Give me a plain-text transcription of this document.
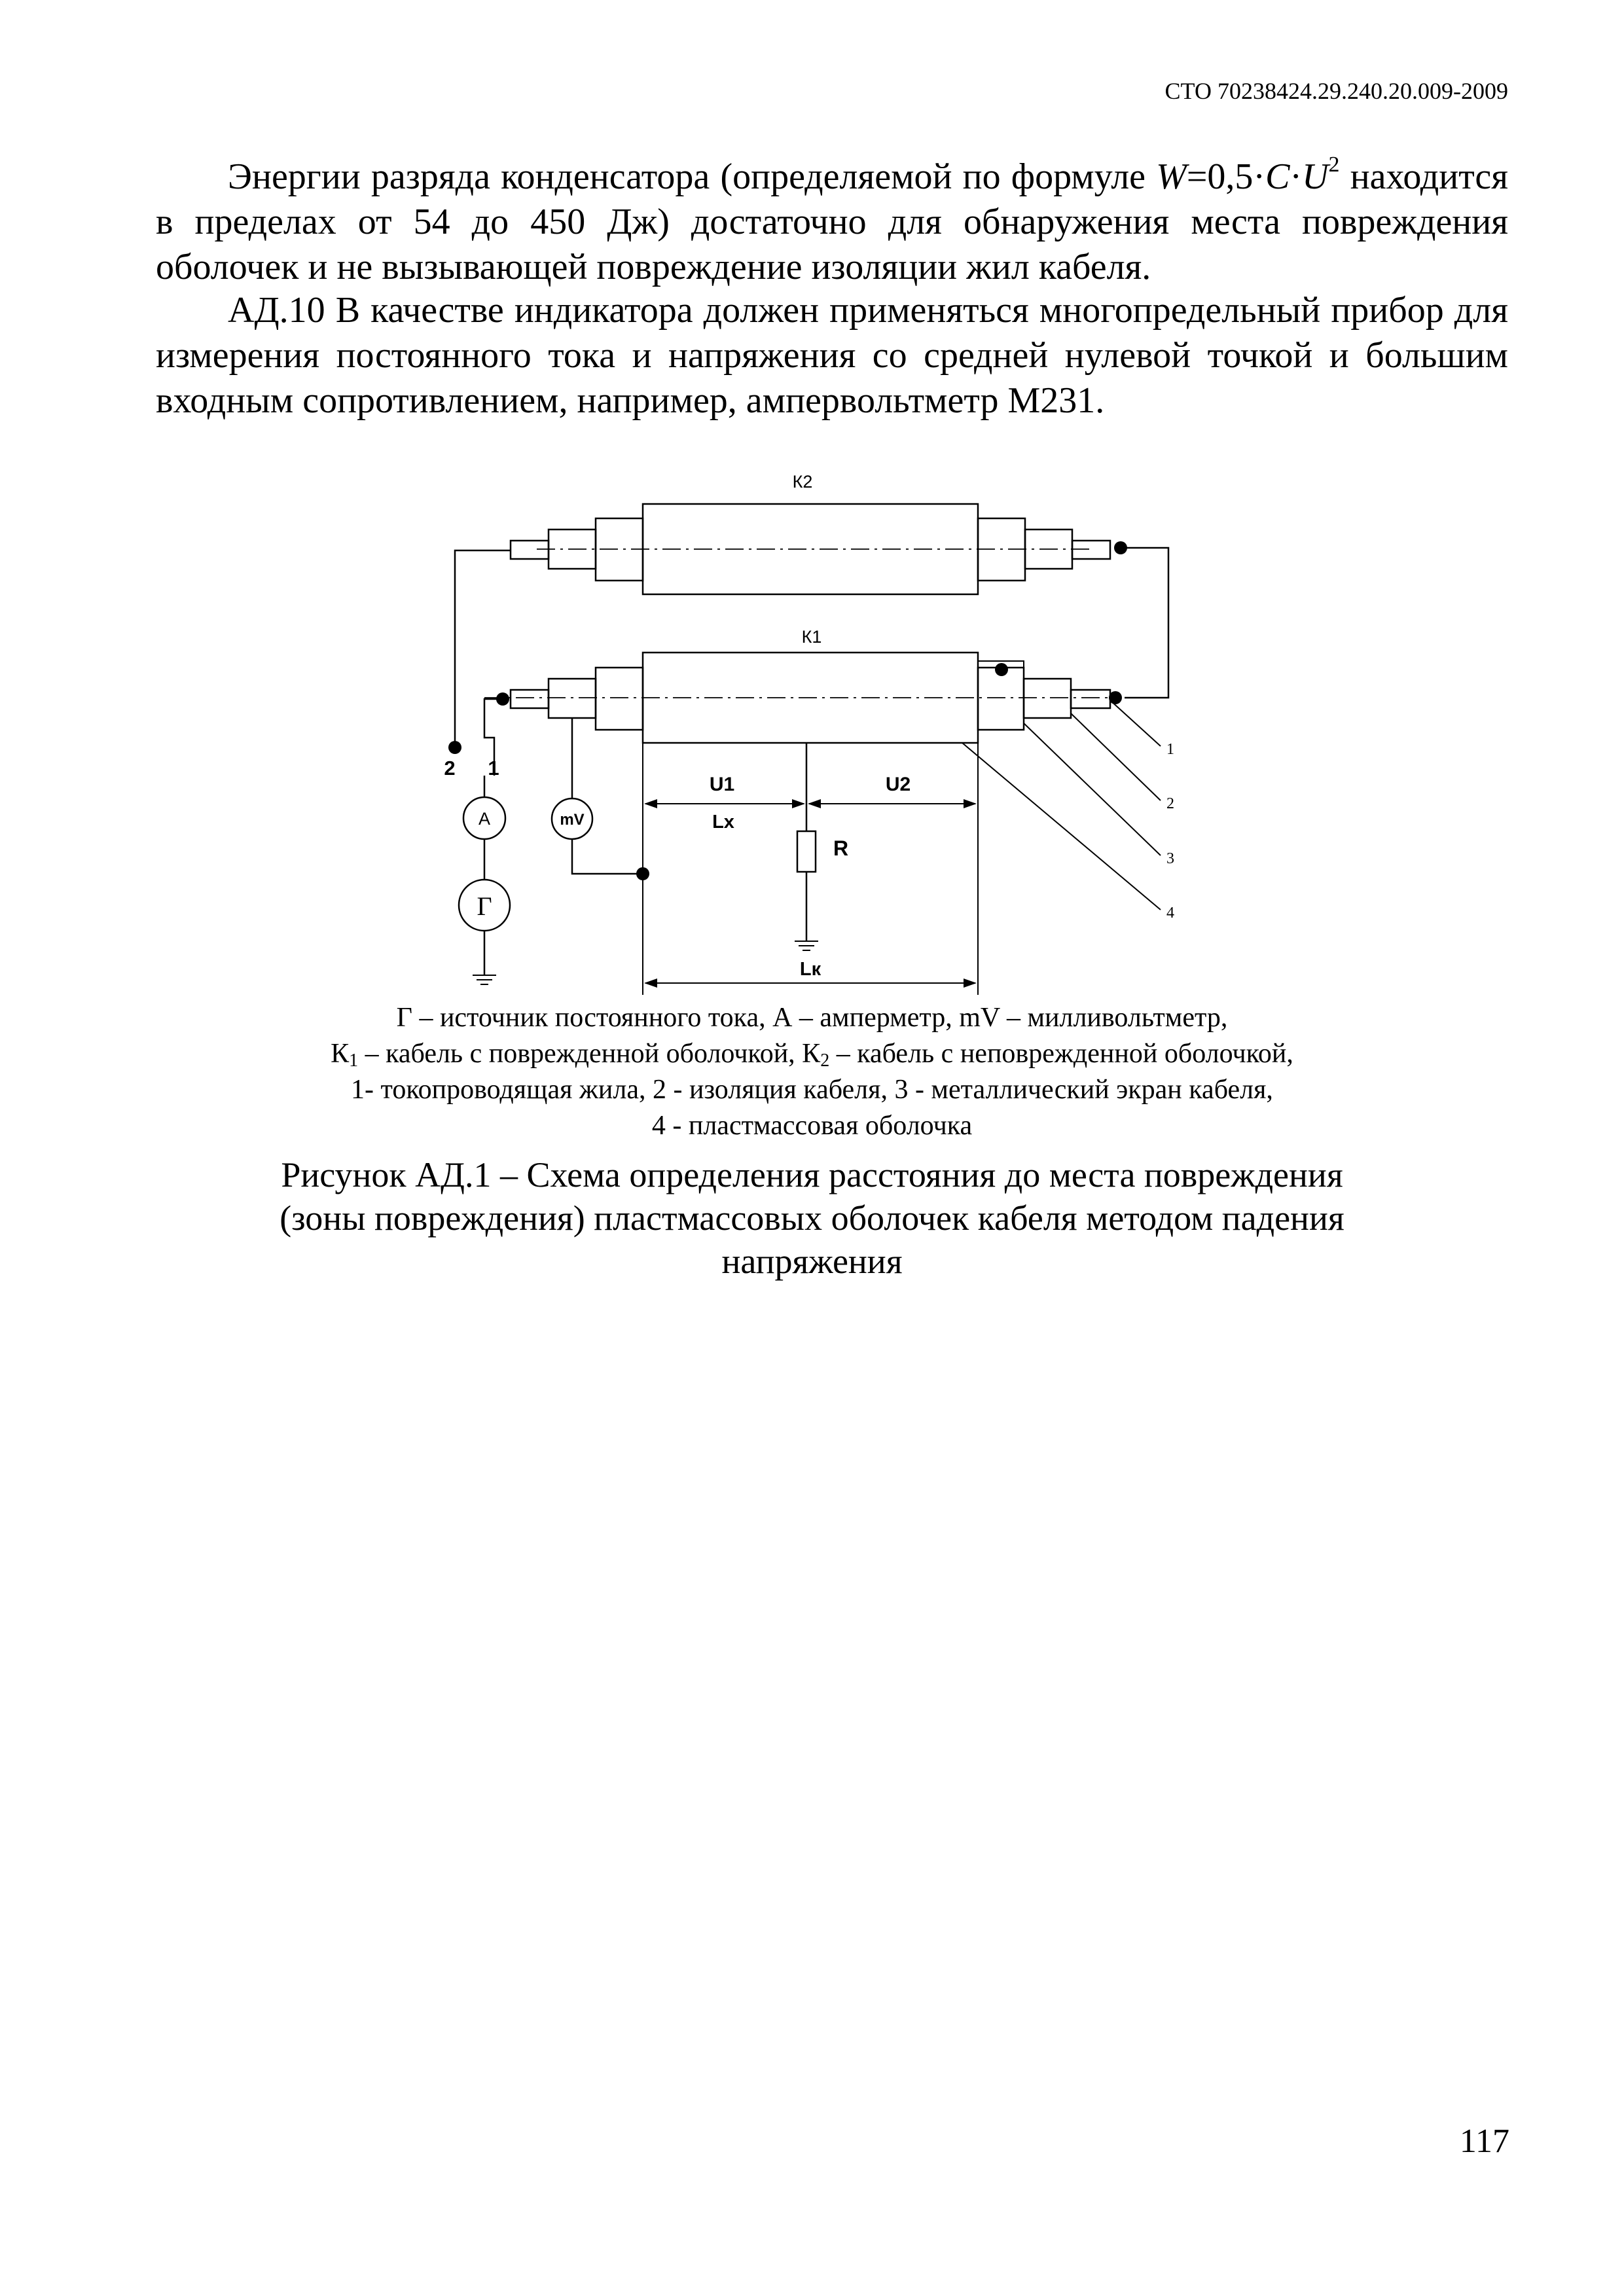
СТО 70238424.29.240.20.009-2009

Энергии разряда конденсатора (определяемой по формуле $W=0,5\cdot C\cdot U^2$ находится в пределах от 54 до 450 Дж) достаточно для обнаружения места повреждения оболочек и не вызывающей повреждение изоляции жил кабеля.

АД.10 В качестве индикатора должен применяться многопредельный прибор для измерения постоянного тока и напряжения со средней нулевой точкой и большим входным сопротивлением, например, ампервольтметр М231.

К2
К1
2 1
U1	U2
Lx
R
Lк
A	mV
Г
1
2
3
4
Г – источник постоянного тока, А – амперметр, mV – милливольтметр,
$К_1$ – кабель с поврежденной оболочкой, $К_2$ – кабель с неповрежденной оболочкой,
1- токопроводящая жила, 2 - изоляция кабеля, 3 - металлический экран кабеля,
4 - пластмассовая оболочка
Рисунок АД.1 – Схема определения расстояния до места повреждения
(зоны повреждения) пластмассовых оболочек кабеля методом падения
напряжения
117
